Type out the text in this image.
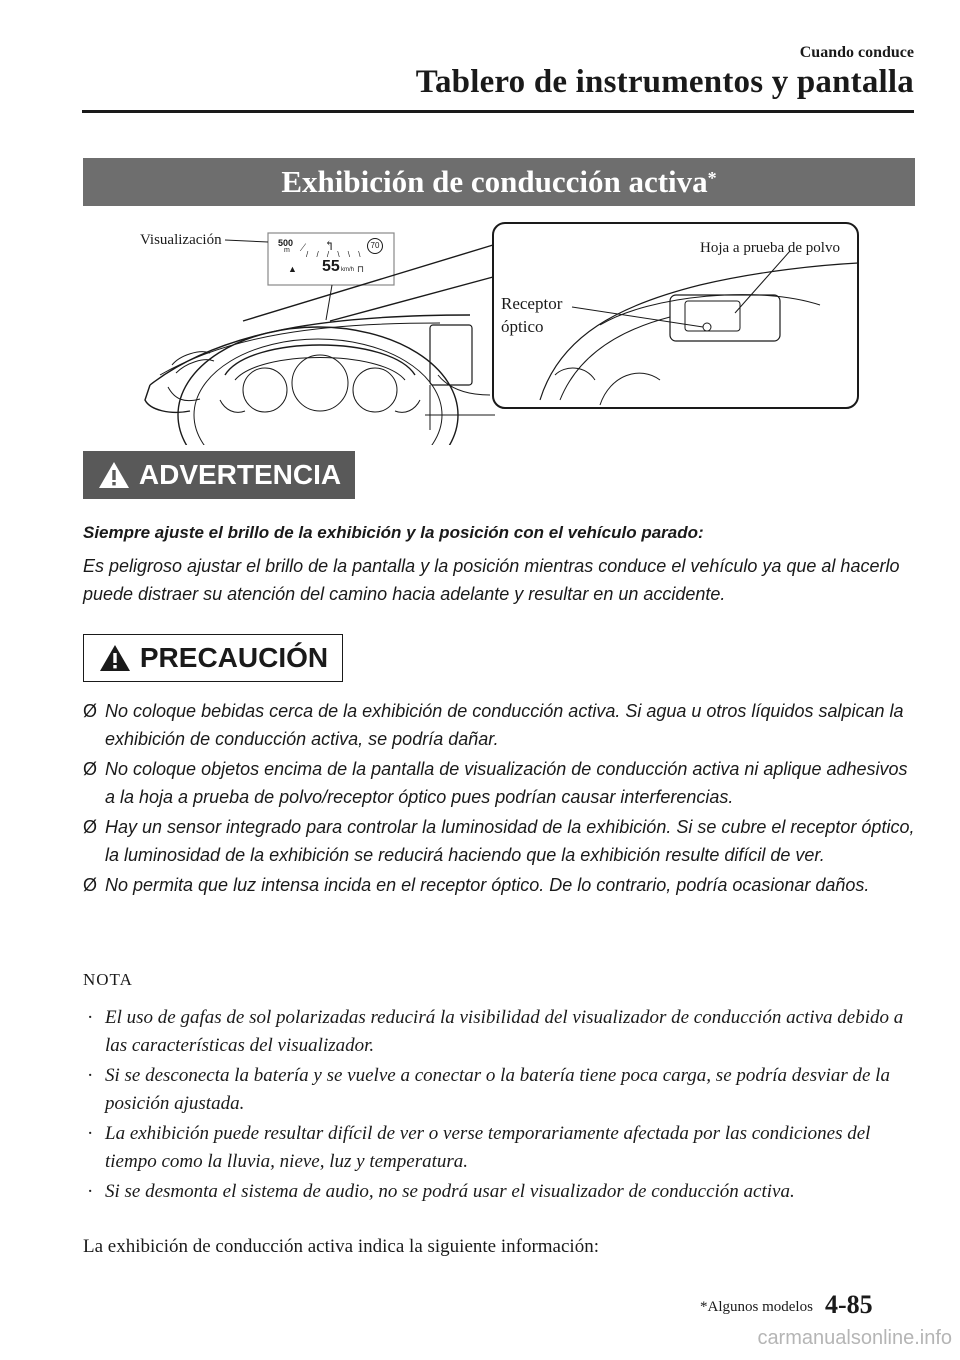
Cuando conduce
Tablero de instrumentos y pantalla
Exhibición de conducción activa*
500
m ⁄ ↰
/ / / \ \ \
70
▲ 55 km/h ⊓
Visualización	Hoja a prueba de polvo
Receptor
óptico
ADVERTENCIA
Siempre ajuste el brillo de la exhibición y la posición con el vehículo parado:
Es peligroso ajustar el brillo de la pantalla y la posición mientras conduce el vehículo ya que al hacerlo puede distraer su atención del camino hacia adelante y resultar en un accidente.
PRECAUCIÓN
Ø No coloque bebidas cerca de la exhibición de conducción activa. Si agua u otros líquidos salpican la exhibición de conducción activa, se podría dañar.
Ø No coloque objetos encima de la pantalla de visualización de conducción activa ni aplique adhesivos a la hoja a prueba de polvo/receptor óptico pues podrían causar interferencias.
Ø Hay un sensor integrado para controlar la luminosidad de la exhibición. Si se cubre el receptor óptico, la luminosidad de la exhibición se reducirá haciendo que la exhibición resulte difícil de ver.
Ø No permita que luz intensa incida en el receptor óptico. De lo contrario, podría ocasionar daños.
NOTA
· El uso de gafas de sol polarizadas reducirá la visibilidad del visualizador de conducción activa debido a las características del visualizador.
· Si se desconecta la batería y se vuelve a conectar o la batería tiene poca carga, se podría desviar de la posición ajustada.
· La exhibición puede resultar difícil de ver o verse temporariamente afectada por las condiciones del tiempo como la lluvia, nieve, luz y temperatura.
· Si se desmonta el sistema de audio, no se podrá usar el visualizador de conducción activa.
La exhibición de conducción activa indica la siguiente información:
*Algunos modelos 4-85
carmanualsonline.info
